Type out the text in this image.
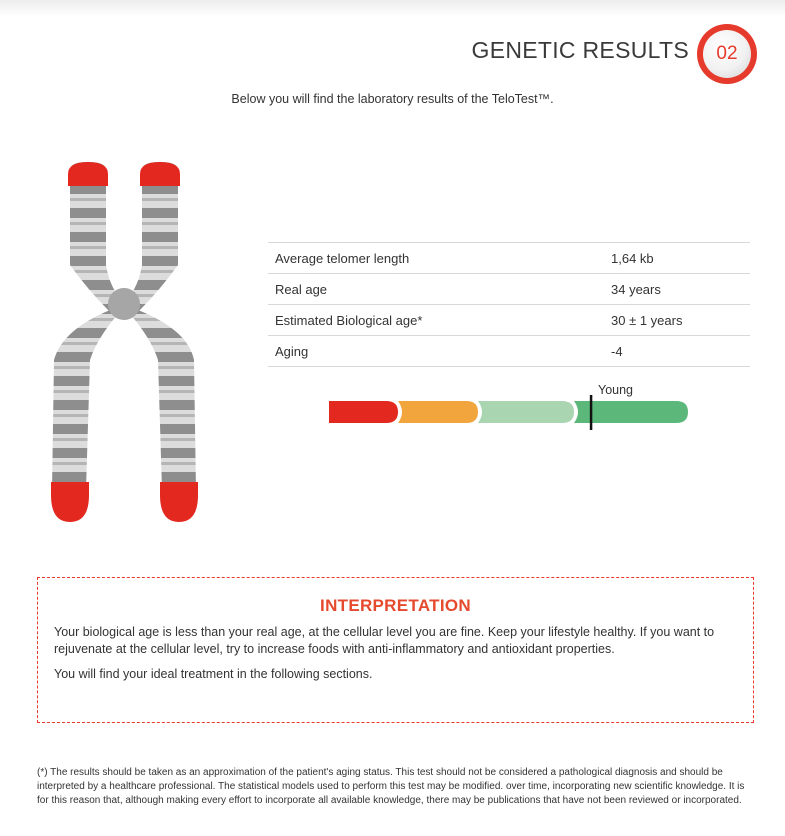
GENETIC RESULTS	02
Below you will find the laboratory results of the TeloTest™.
Average telomer length	1,64 kb
Real age	34 years
Estimated Biological age*	30 ± 1 years
Aging	-4
Young
INTERPRETATION

Your biological age is less than your real age, at the cellular level you are fine. Keep your lifestyle healthy. If you want to rejuvenate at the cellular level, try to increase foods with anti-inflammatory and antioxidant properties.

You will find your ideal treatment in the following sections.

(*) The results should be taken as an approximation of the patient's aging status. This test should not be considered a pathological diagnosis and should be interpreted by a healthcare professional. The statistical models used to perform this test may be modified. over time, incorporating new scientific knowledge. It is for this reason that, although making every effort to incorporate all available knowledge, there may be publications that have not been reviewed or incorporated.
